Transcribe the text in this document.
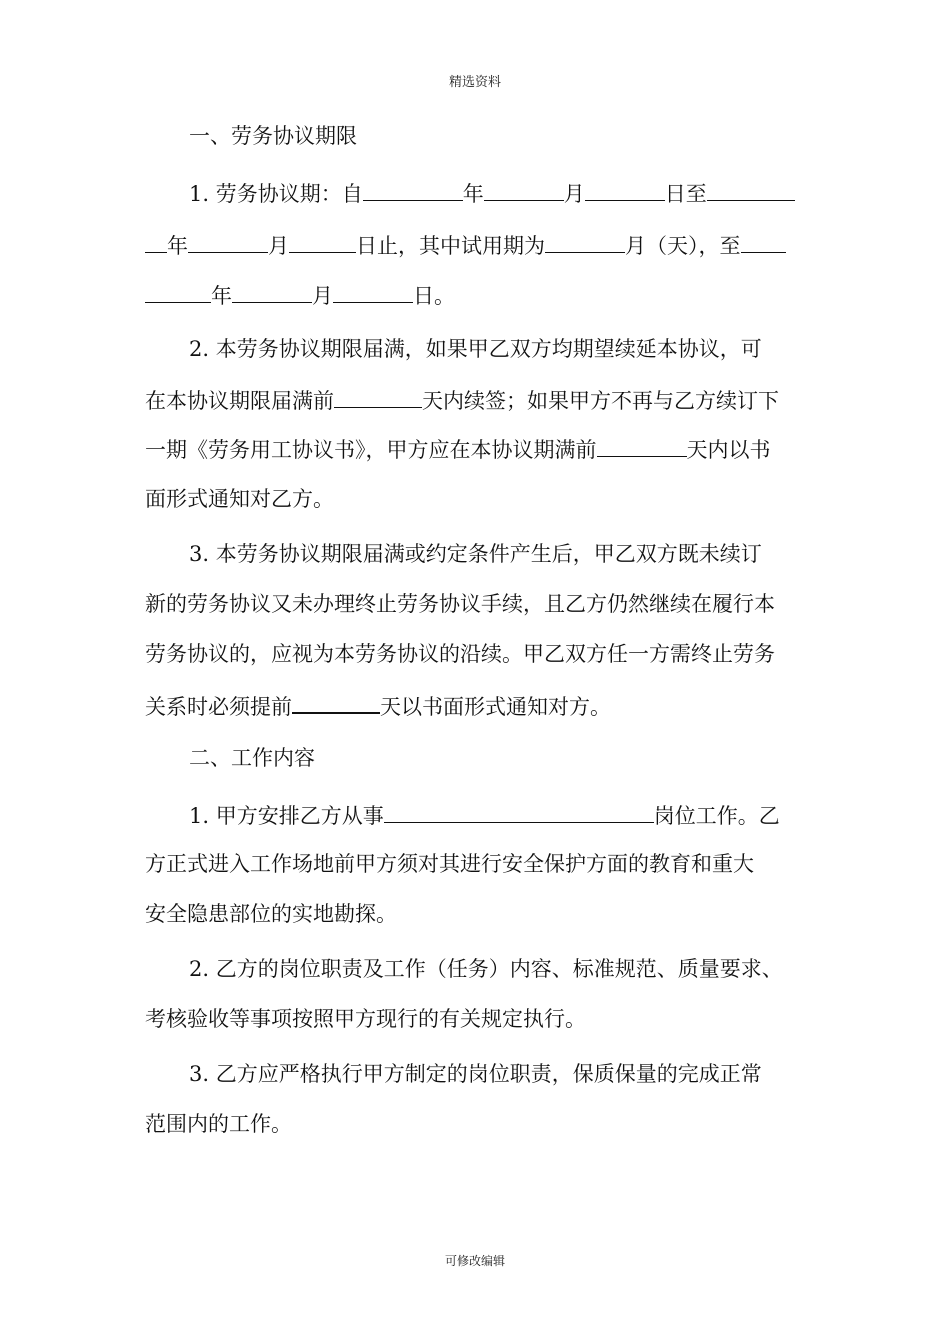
精选资料
一、劳务协议期限
1. 劳务协议期：自	年	月	日至
年	月	日止，其中试用期为	月（天），至
年	月	日。
2. 本劳务协议期限届满，如果甲乙双方均期望续延本协议，可
在本协议期限届满前	天内续签；如果甲方不再与乙方续订下
一期《劳务用工协议书》，甲方应在本协议期满前	天内以书
面形式通知对乙方。
3. 本劳务协议期限届满或约定条件产生后，甲乙双方既未续订
新的劳务协议又未办理终止劳务协议手续，且乙方仍然继续在履行本
劳务协议的，应视为本劳务协议的沿续。甲乙双方任一方需终止劳务
关系时必须提前	天以书面形式通知对方。
二、工作内容
1. 甲方安排乙方从事	岗位工作。乙
方正式进入工作场地前甲方须对其进行安全保护方面的教育和重大
安全隐患部位的实地勘探。
2. 乙方的岗位职责及工作（任务）内容、标准规范、质量要求、
考核验收等事项按照甲方现行的有关规定执行。
3. 乙方应严格执行甲方制定的岗位职责，保质保量的完成正常
范围内的工作。
可修改编辑
